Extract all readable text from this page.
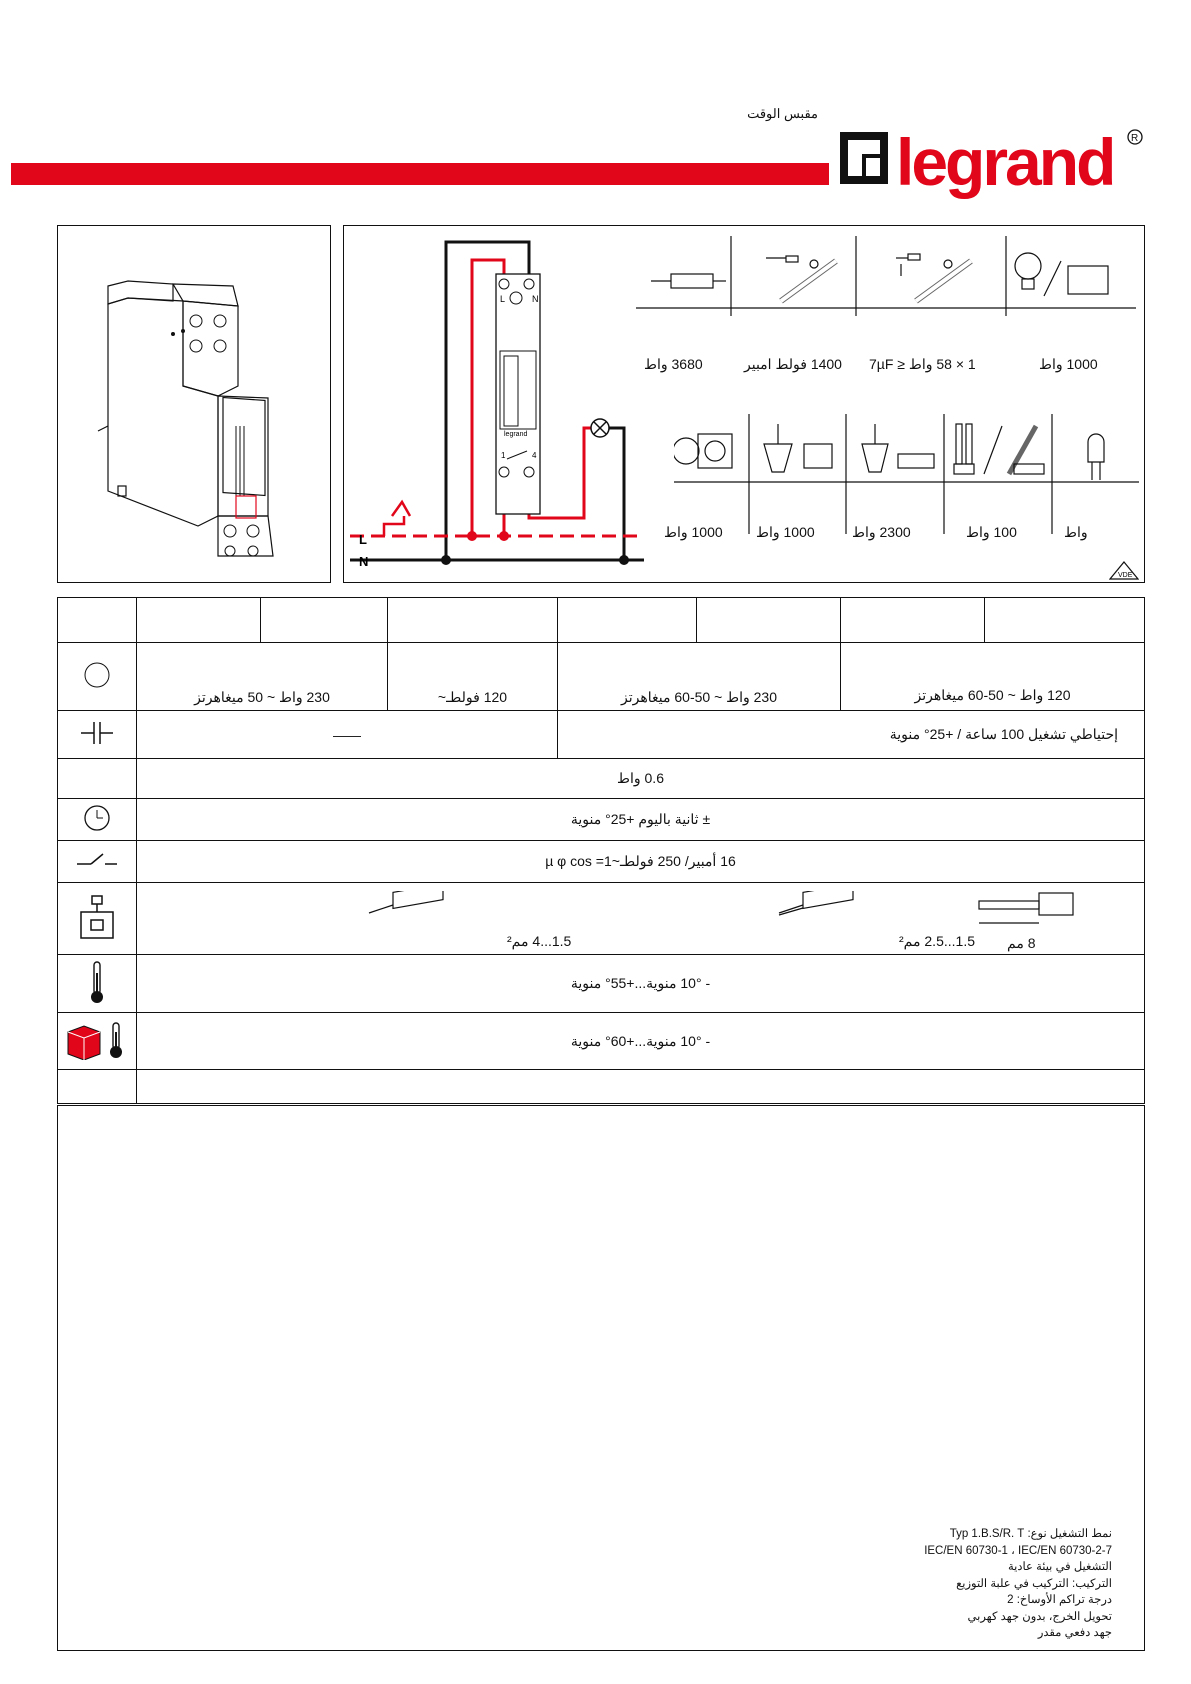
مقبس الوقت
legrand R
L	N
legrand
1	4
L
N
3680 واط	1400 فولط امبير 1 × 58 واط ≤ 7µF	1000 واط
1000 واط 1000 واط	2300 واط	100 واط	واط
VDE

	230 واط ~ 50 ميغاهرتز		120 فولطـ~	230 واط ~ 50-60 ميغاهرتز		120 واط ~ 50-60 ميغاهرتز	
	——			إحتياطي تشغيل 100 ساعة / +25° منوية			
	0.6 واط						
	± ثانية باليوم +25° منوية						
	16 أمبير/ 250 فولطـ~µ φ cos =1						

1.5...4 مم² 1.5...2.5 مم² 8 مم						

	- 10° منوية...+55° منوية						
	- 10° منوية...+60° منوية						

نمط التشغيل نوع: Typ 1.B.S/R. T
IEC/EN 60730-1 ، IEC/EN 60730-2-7
التشغيل في بيئة عادية
التركيب: التركيب في علبة التوزيع
درجة تراكم الأوساخ: 2
تحويل الخرج، بدون جهد كهربي
جهد دفعي مقدر
